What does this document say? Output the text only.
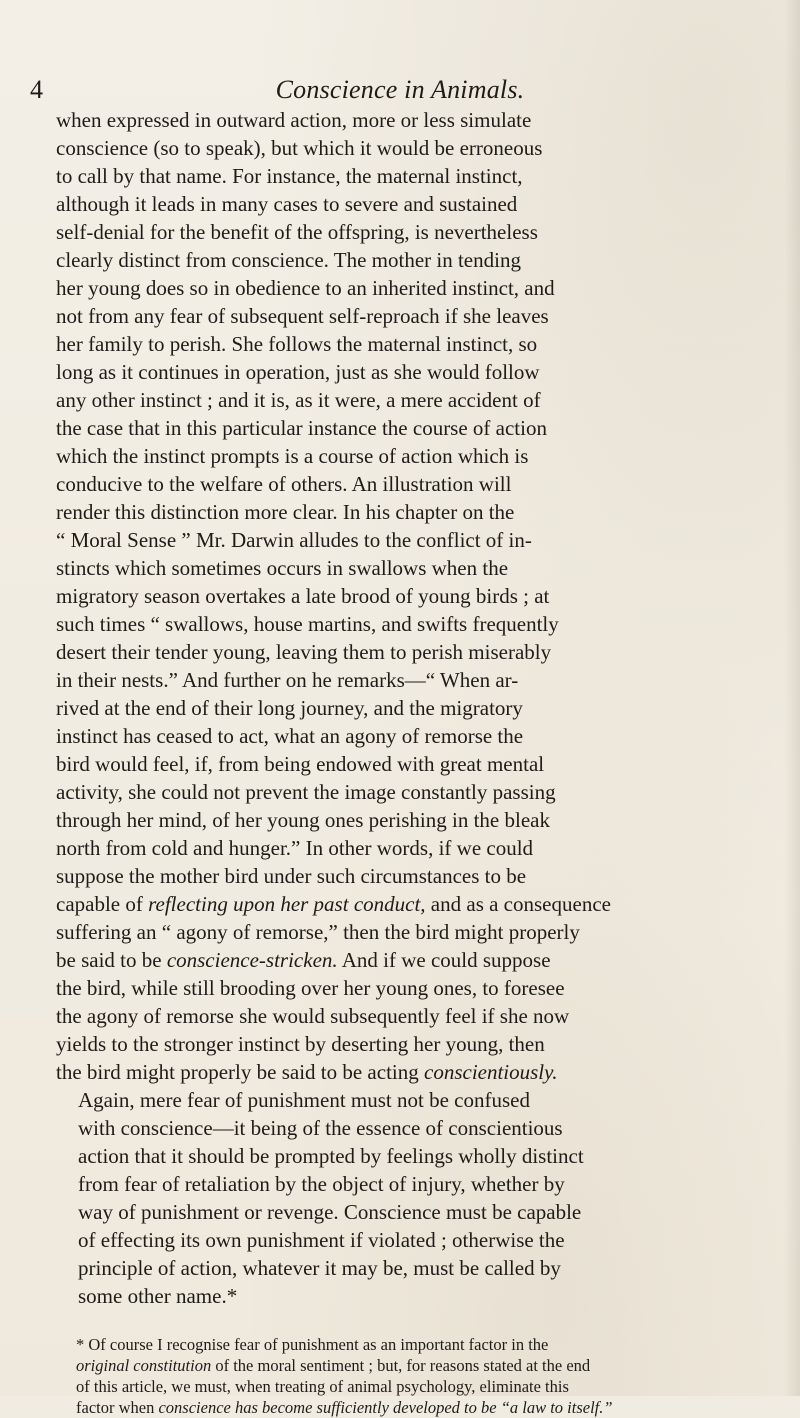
4	Conscience in Animals.

when expressed in outward action, more or less simulate
conscience (so to speak), but which it would be erroneous
to call by that name. For instance, the maternal instinct,
although it leads in many cases to severe and sustained
self-denial for the benefit of the offspring, is nevertheless
clearly distinct from conscience. The mother in tending
her young does so in obedience to an inherited instinct, and
not from any fear of subsequent self-reproach if she leaves
her family to perish. She follows the maternal instinct, so
long as it continues in operation, just as she would follow
any other instinct ; and it is, as it were, a mere accident of
the case that in this particular instance the course of action
which the instinct prompts is a course of action which is
conducive to the welfare of others. An illustration will
render this distinction more clear. In his chapter on the
“ Moral Sense ” Mr. Darwin alludes to the conflict of in-
stincts which sometimes occurs in swallows when the
migratory season overtakes a late brood of young birds ; at
such times “ swallows, house martins, and swifts frequently
desert their tender young, leaving them to perish miserably
in their nests.” And further on he remarks—“ When ar-
rived at the end of their long journey, and the migratory
instinct has ceased to act, what an agony of remorse the
bird would feel, if, from being endowed with great mental
activity, she could not prevent the image constantly passing
through her mind, of her young ones perishing in the bleak
north from cold and hunger.” In other words, if we could
suppose the mother bird under such circumstances to be
capable of reflecting upon her past conduct, and as a consequence
suffering an “ agony of remorse,” then the bird might properly
be said to be conscience-stricken. And if we could suppose
the bird, while still brooding over her young ones, to foresee
the agony of remorse she would subsequently feel if she now
yields to the stronger instinct by deserting her young, then
the bird might properly be said to be acting conscientiously.

Again, mere fear of punishment must not be confused
with conscience—it being of the essence of conscientious
action that it should be prompted by feelings wholly distinct
from fear of retaliation by the object of injury, whether by
way of punishment or revenge. Conscience must be capable
of effecting its own punishment if violated ; otherwise the
principle of action, whatever it may be, must be called by
some other name.*

* Of course I recognise fear of punishment as an important factor in the
original constitution of the moral sentiment ; but, for reasons stated at the end
of this article, we must, when treating of animal psychology, eliminate this
factor when conscience has become sufficiently developed to be “a law to itself.”
